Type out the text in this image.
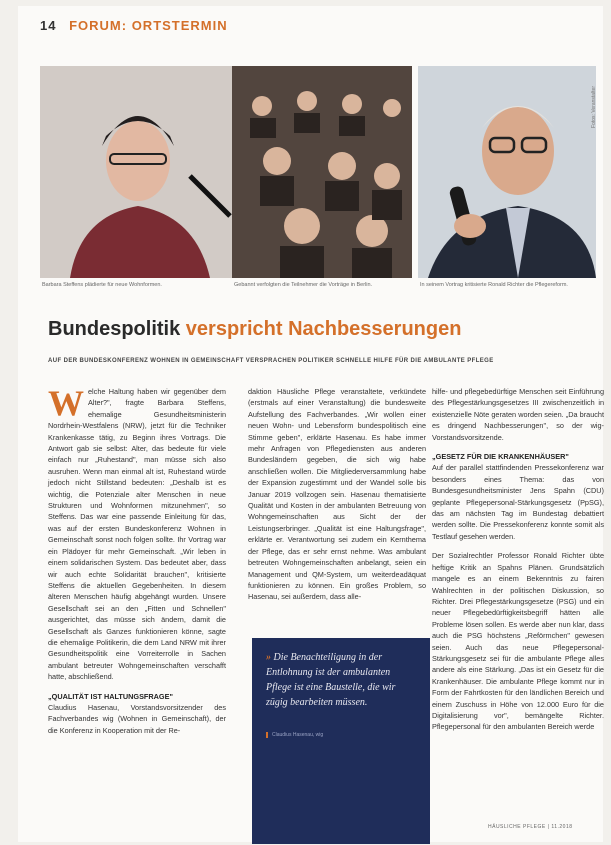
14 FORUM: ORTSTERMIN
Fotos: Veranstalter
Barbara Steffens plädierte für neue Wohnformen.	Gebannt verfolgten die Teilnehmer die Vorträge in Berlin.	In seinem Vortrag kritisierte Ronald Richter die Pflegereform.
Bundespolitik verspricht Nachbesserungen
AUF DER BUNDESKONFERENZ WOHNEN IN GEMEINSCHAFT VERSPRACHEN POLITIKER SCHNELLE HILFE FÜR DIE AMBULANTE PFLEGE
W elche Haltung haben wir gegenüber dem Alter?", fragte Barbara Steffens, ehemalige Gesundheitsministerin Nordrhein-Westfalens (NRW), jetzt für die Techniker Krankenkasse tätig, zu Beginn ihres Vortrags. Die Antwort gab sie selbst: Alter, das bedeute für viele einfach nur „Ruhestand", man müsse sich also ausruhen. Wenn man einmal alt ist, Ruhestand würde jedoch nicht Stillstand bedeuten: „Deshalb ist es wichtig, die Potenziale alter Menschen in neue Strukturen und Wohnformen mitzunehmen", so Steffens. Das war eine passende Einleitung für das, was auf der ersten Bundeskonferenz Wohnen in Gemeinschaft sonst noch folgen sollte. Ihr Vortrag war ein Plädoyer für mehr Gemeinschaft. „Wir leben in einem solidarischen System. Das bedeutet aber, dass wir auch echte Solidarität brauchen", kritisierte Steffens die aktuellen Gegebenheiten. In diesem älteren Menschen häufig abgehängt wurden. Unsere Gesellschaft sei an den „Fitten und Schnellen" ausgerichtet, das müsse sich ändern, damit die Gesellschaft als Ganzes funktionieren könne, sagte die ehemalige Politikerin, die dem Land NRW mit ihrer Gesundheitspolitik eine Vorreiterrolle in Sachen ambulant betreuter Wohngemeinschaften verschafft hatte, abschließend.
„QUALITÄT IST HALTUNGSFRAGE"
Claudius Hasenau, Vorstandsvorsitzender des Fachverbandes wig (Wohnen in Gemeinschaft), der die Konferenz in Kooperation mit der Re-
daktion Häusliche Pflege veranstaltete, verkündete (erstmals auf einer Veranstaltung) die bundesweite Aufstellung des Fachverbandes. „Wir wollen einer neuen Wohn- und Lebensform bundespolitisch eine Stimme geben", erklärte Hasenau. Es habe immer mehr Anfragen von Pflegediensten aus anderen Bundesländern gegeben, die sich wig habe anschließen wollen. Die Mitgliederversammlung habe der Expansion zugestimmt und der Wandel solle bis Januar 2019 vollzogen sein. Hasenau thematisierte Qualität und Kosten in der ambulanten Betreuung von Wohngemeinschaften aus Sicht der der Leistungserbringer. „Qualität ist eine Haltungsfrage", erklärte er. Verantwortung sei zudem ein Kernthema der Pflege, das er sehr ernst nehme. Was ambulant betreuten Wohngemeinschaften anbelangt, seien ein Management und QM-System, um weiterdeadäquat funktionieren zu können. Ein großes Problem, so Hasenau, sei außerdem, dass alle-
» Die Benachteiligung in der Entlohnung ist der ambulanten Pflege ist eine Baustelle, die wir zügig bearbeiten müssen.
Claudius Hasenau, wig
hilfe- und pflegebedürftige Menschen seit Einführung des Pflegestärkungsgesetzes III zwischenzeitlich in existenzielle Nöte geraten worden seien. „Da braucht es dringend Nachbesserungen", so der wig-Vorstandsvorsitzende.
„GESETZ FÜR DIE KRANKENHÄUSER"
Auf der parallel stattfindenden Pressekonferenz war besonders eines Thema: das von Bundesgesundheitsminister Jens Spahn (CDU) geplante Pflegepersonal-Stärkungsgesetz (PpSG), das am nächsten Tag im Bundestag debattiert werden sollte. Die Pressekonferenz konnte somit als Testlauf gesehen werden.
Der Sozialrechtler Professor Ronald Richter übte heftige Kritik an Spahns Plänen. Grundsätzlich mangele es an einem Bekenntnis zu fairen Wahlrechten in der politischen Diskussion, so Richter. Drei Pflegestärkungsgesetze (PSG) und ein neuer Pflegebedürftigkeitsbegriff hätten alle Probleme lösen sollen. Es werde aber nun klar, dass auch die PSG höchstens „Reförmchen" gewesen seien. Auch das neue Pflegepersonal-Stärkungsgesetz sei für die ambulante Pflege alles andere als eine Stärkung. „Das ist ein Gesetz für die Krankenhäuser. Die ambulante Pflege kommt nur in Form der Fahrtkosten für den ländlichen Bereich und einem Zuschuss in Höhe von 12.000 Euro für die Digitalisierung vor", bemängelte Richter. Pflegepersonal für den ambulanten Bereich werde
HÄUSLICHE PFLEGE | 11.2018
